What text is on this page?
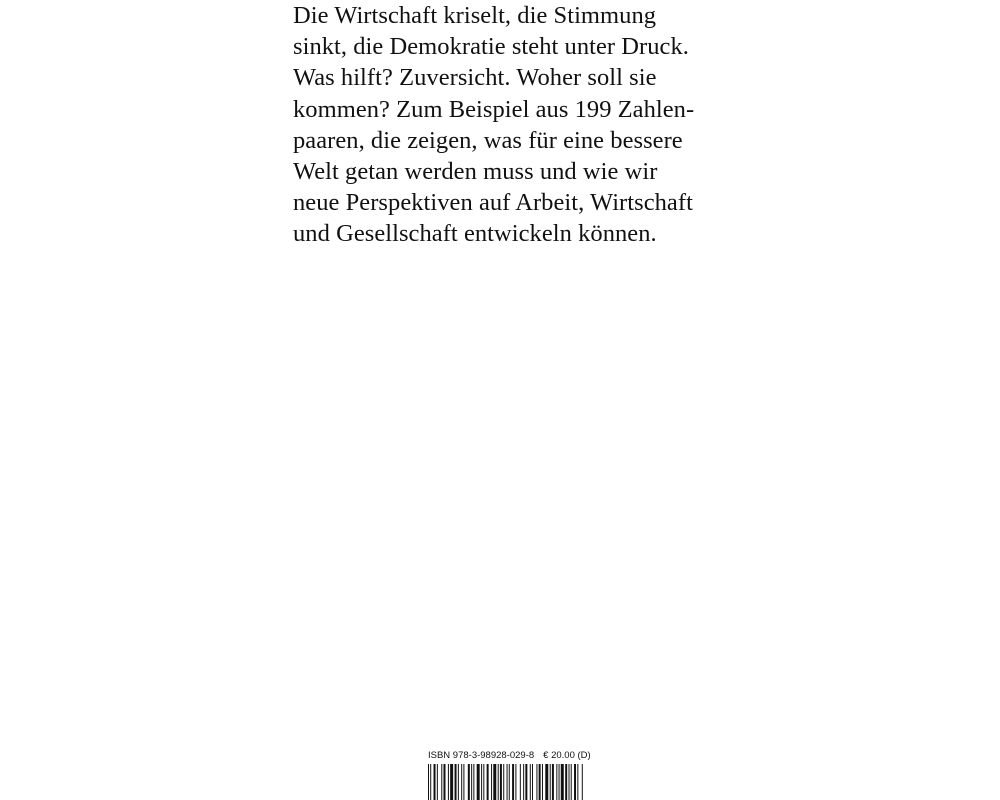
Die Wirtschaft kriselt, die Stimmung
sinkt, die Demokratie steht unter Druck.
Was hilft? Zuversicht. Woher soll sie
kommen? Zum Beispiel aus 199 Zahlen-
paaren, die zeigen, was für eine bessere
Welt getan werden muss und wie wir
neue Perspektiven auf Arbeit, Wirtschaft
und Gesellschaft entwickeln können.
ISBN 978-3-98928-029-8 € 20.00 (D)
